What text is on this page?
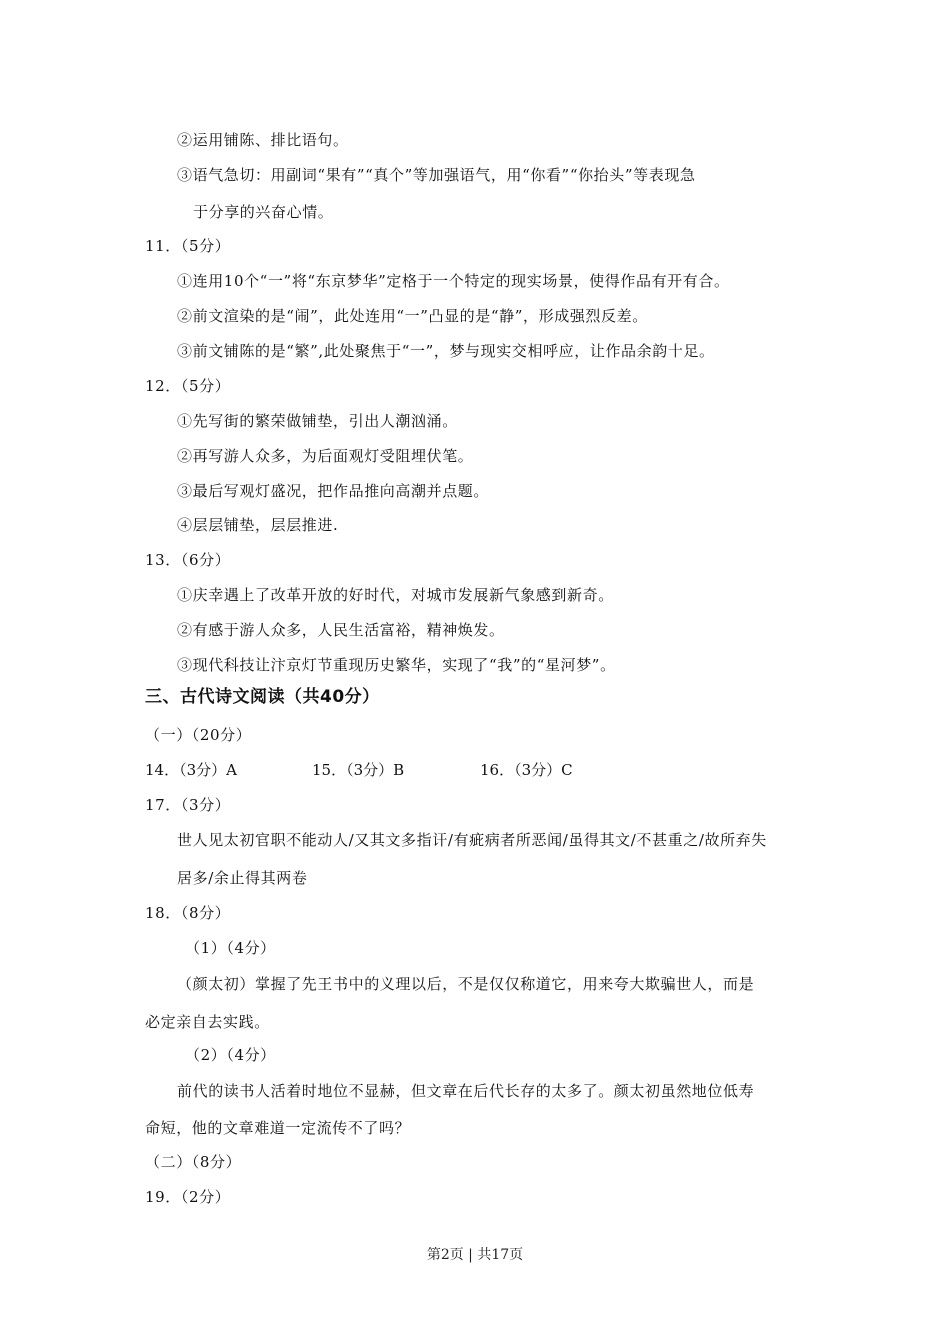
三、古代诗文阅读（共40分）
第2页 | 共17页
②运用铺陈、排比语句。
③语气急切：用副词“果有”“真个”等加强语气，用“你看”“你抬头”等表现急
于分享的兴奋心情。
11．（5分）
①连用10个“一”将“东京梦华”定格于一个特定的现实场景，使得作品有开有合。
②前文渲染的是“闹”，此处连用“一”凸显的是“静”，形成强烈反差。
③前文铺陈的是“繁”,此处聚焦于“一”，梦与现实交相呼应，让作品余韵十足。
12．（5分）
①先写街的繁荣做铺垫，引出人潮汹涌。
②再写游人众多，为后面观灯受阻埋伏笔。
③最后写观灯盛况，把作品推向高潮并点题。
④层层铺垫，层层推进.
13．（6分）
①庆幸遇上了改革开放的好时代，对城市发展新气象感到新奇。
②有感于游人众多，人民生活富裕，精神焕发。
③现代科技让汴京灯节重现历史繁华，实现了“我”的“星河梦”。
（一）（20分）
17．（3分）
世人见太初官职不能动人/又其文多指讦/有疵病者所恶闻/虽得其文/不甚重之/故所弃失
居多/余止得其两卷
18．（8分）
（1）（4分）
（颜太初）掌握了先王书中的义理以后，不是仅仅称道它，用来夸大欺骗世人，而是
必定亲自去实践。
（2）（4分）
前代的读书人活着时地位不显赫，但文章在后代长存的太多了。颜太初虽然地位低寿
命短，他的文章难道一定流传不了吗？
（二）（8分）
19．（2分）
14．（3分）A	15．（3分）B	16．（3分）C
